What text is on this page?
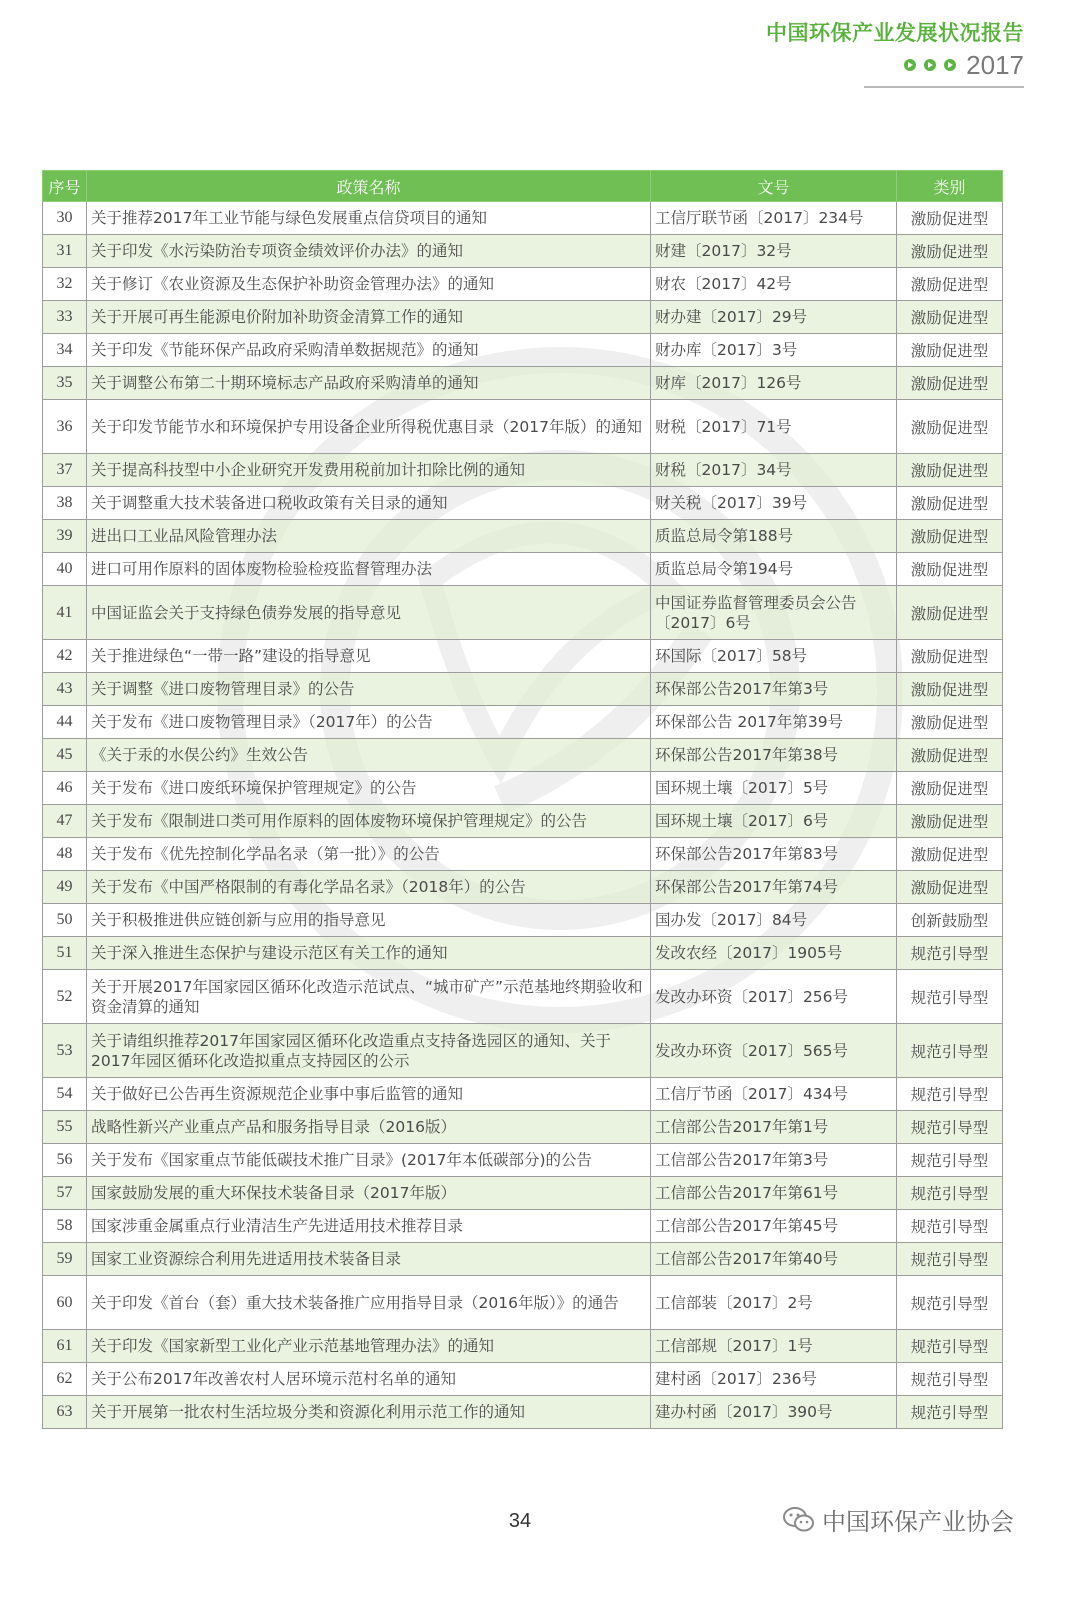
中国环保产业发展状况报告
2017
序号	政策名称	文号	类别
30	关于推荐2017年工业节能与绿色发展重点信贷项目的通知	工信厅联节函〔2017〕234号	激励促进型
31	关于印发《水污染防治专项资金绩效评价办法》的通知	财建〔2017〕32号	激励促进型
32	关于修订《农业资源及生态保护补助资金管理办法》的通知	财农〔2017〕42号	激励促进型
33	关于开展可再生能源电价附加补助资金清算工作的通知	财办建〔2017〕29号	激励促进型
34	关于印发《节能环保产品政府采购清单数据规范》的通知	财办库〔2017〕3号	激励促进型
35	关于调整公布第二十期环境标志产品政府采购清单的通知	财库〔2017〕126号	激励促进型
36	关于印发节能节水和环境保护专用设备企业所得税优惠目录（2017年版）的通知	财税〔2017〕71号	激励促进型
37	关于提高科技型中小企业研究开发费用税前加计扣除比例的通知	财税〔2017〕34号	激励促进型
38	关于调整重大技术装备进口税收政策有关目录的通知	财关税〔2017〕39号	激励促进型
39	进出口工业品风险管理办法	质监总局令第188号	激励促进型
40	进口可用作原料的固体废物检验检疫监督管理办法	质监总局令第194号	激励促进型
41	中国证监会关于支持绿色债券发展的指导意见	中国证券监督管理委员会公告〔2017〕6号	激励促进型
42	关于推进绿色“一带一路”建设的指导意见	环国际〔2017〕58号	激励促进型
43	关于调整《进口废物管理目录》的公告	环保部公告2017年第3号	激励促进型
44	关于发布《进口废物管理目录》（2017年）的公告	环保部公告 2017年第39号	激励促进型
45	《关于汞的水俣公约》生效公告	环保部公告2017年第38号	激励促进型
46	关于发布《进口废纸环境保护管理规定》的公告	国环规土壤〔2017〕5号	激励促进型
47	关于发布《限制进口类可用作原料的固体废物环境保护管理规定》的公告	国环规土壤〔2017〕6号	激励促进型
48	关于发布《优先控制化学品名录（第一批）》的公告	环保部公告2017年第83号	激励促进型
49	关于发布《中国严格限制的有毒化学品名录》（2018年）的公告	环保部公告2017年第74号	激励促进型
50	关于积极推进供应链创新与应用的指导意见	国办发〔2017〕84号	创新鼓励型
51	关于深入推进生态保护与建设示范区有关工作的通知	发改农经〔2017〕1905号	规范引导型
52	关于开展2017年国家园区循环化改造示范试点、“城市矿产”示范基地终期验收和资金清算的通知	发改办环资〔2017〕256号	规范引导型
53	关于请组织推荐2017年国家园区循环化改造重点支持备选园区的通知、关于2017年园区循环化改造拟重点支持园区的公示	发改办环资〔2017〕565号	规范引导型
54	关于做好已公告再生资源规范企业事中事后监管的通知	工信厅节函〔2017〕434号	规范引导型
55	战略性新兴产业重点产品和服务指导目录（2016版）	工信部公告2017年第1号	规范引导型
56	关于发布《国家重点节能低碳技术推广目录》(2017年本低碳部分)的公告	工信部公告2017年第3号	规范引导型
57	国家鼓励发展的重大环保技术装备目录（2017年版）	工信部公告2017年第61号	规范引导型
58	国家涉重金属重点行业清洁生产先进适用技术推荐目录	工信部公告2017年第45号	规范引导型
59	国家工业资源综合利用先进适用技术装备目录	工信部公告2017年第40号	规范引导型
60	关于印发《首台（套）重大技术装备推广应用指导目录（2016年版）》的通告	工信部装〔2017〕2号	规范引导型
61	关于印发《国家新型工业化产业示范基地管理办法》的通知	工信部规〔2017〕1号	规范引导型
62	关于公布2017年改善农村人居环境示范村名单的通知	建村函〔2017〕236号	规范引导型
63	关于开展第一批农村生活垃圾分类和资源化利用示范工作的通知	建办村函〔2017〕390号	规范引导型
34	中国环保产业协会
